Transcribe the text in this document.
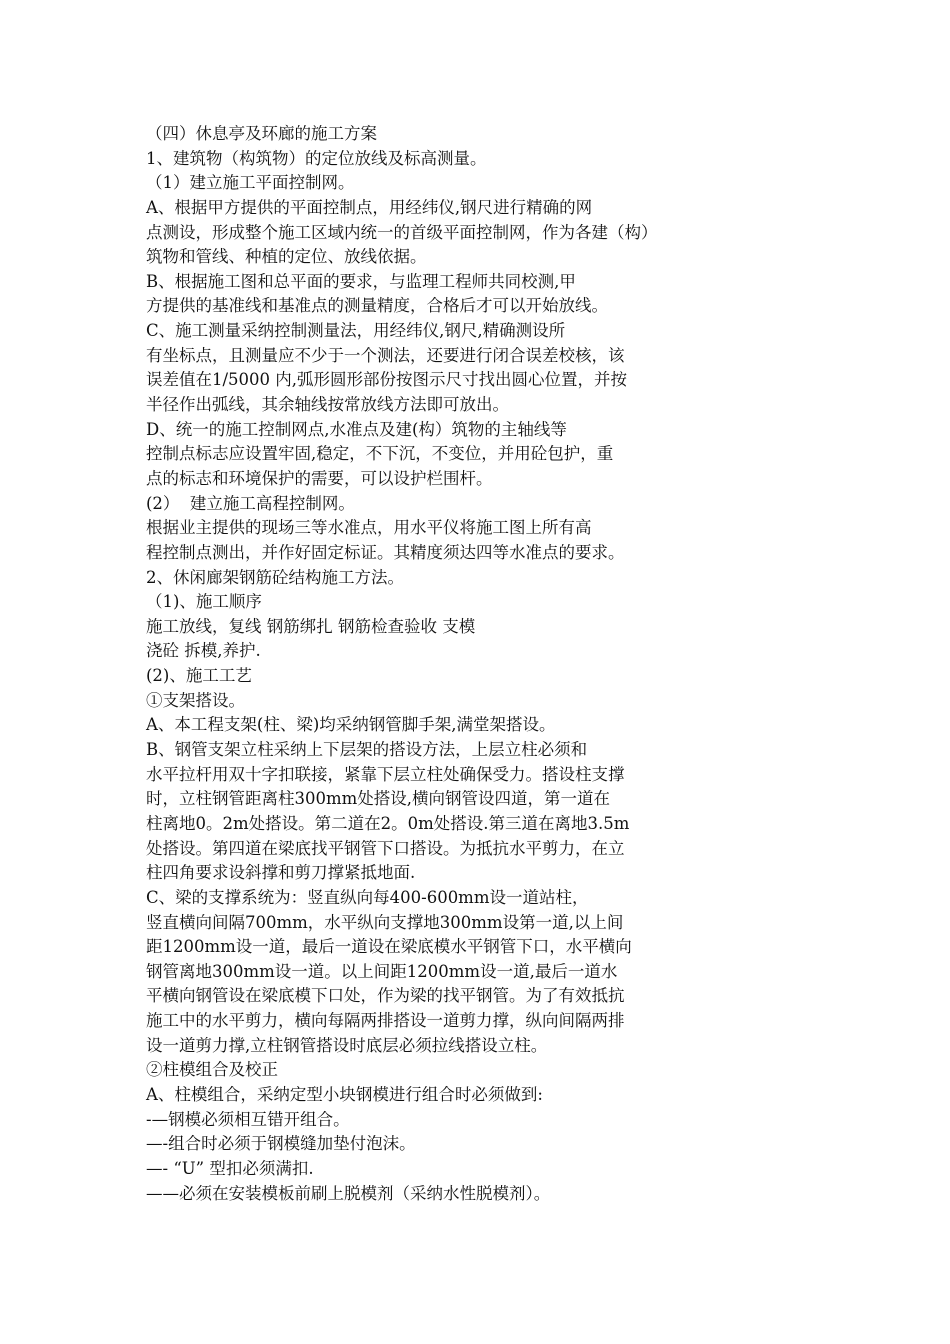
（四）休息亭及环廊的施工方案
1、建筑物（构筑物）的定位放线及标高测量。
（1）建立施工平面控制网。
A、根据甲方提供的平面控制点，用经纬仪,钢尺进行精确的网
点测设，形成整个施工区域内统一的首级平面控制网，作为各建（构）
筑物和管线、种植的定位、放线依据。
B、根据施工图和总平面的要求，与监理工程师共同校测,甲
方提供的基准线和基准点的测量精度，合格后才可以开始放线。
C、施工测量采纳控制测量法，用经纬仪,钢尺,精确测设所
有坐标点，且测量应不少于一个测法，还要进行闭合误差校核，该
误差值在1/5000 内,弧形圆形部份按图示尺寸找出圆心位置，并按
半径作出弧线，其余轴线按常放线方法即可放出。
D、统一的施工控制网点,水准点及建(构）筑物的主轴线等
控制点标志应设置牢固,稳定，不下沉，不变位，并用砼包护，重
点的标志和环境保护的需要，可以设护栏围杆。
(2）  建立施工高程控制网。
根据业主提供的现场三等水准点，用水平仪将施工图上所有高
程控制点测出，并作好固定标证。其精度须达四等水准点的要求。
2、休闲廊架钢筋砼结构施工方法。
（1)、施工顺序
施工放线，复线 钢筋绑扎 钢筋检查验收 支模
浇砼 拆模,养护.
(2)、施工工艺
①支架搭设。
A、本工程支架(柱、梁)均采纳钢管脚手架,满堂架搭设。
B、钢管支架立柱采纳上下层架的搭设方法，上层立柱必须和
水平拉杆用双十字扣联接，紧靠下层立柱处确保受力。搭设柱支撑
时，立柱钢管距离柱300mm处搭设,横向钢管设四道，第一道在
柱离地0。2m处搭设。第二道在2。0m处搭设.第三道在离地3.5m
处搭设。第四道在梁底找平钢管下口搭设。为抵抗水平剪力，在立
柱四角要求设斜撑和剪刀撑紧抵地面.
C、梁的支撑系统为：竖直纵向每400-600mm设一道站柱，
竖直横向间隔700mm，水平纵向支撑地300mm设第一道,以上间
距1200mm设一道，最后一道设在梁底模水平钢管下口，水平横向
钢管离地300mm设一道。以上间距1200mm设一道,最后一道水
平横向钢管设在梁底模下口处，作为梁的找平钢管。为了有效抵抗
施工中的水平剪力，横向每隔两排搭设一道剪力撑，纵向间隔两排
设一道剪力撑,立柱钢管搭设时底层必须拉线搭设立柱。
②柱模组合及校正
A、柱模组合，采纳定型小块钢模进行组合时必须做到:
-—钢模必须相互错开组合。
—-组合时必须于钢模缝加垫付泡沫。
—- “U” 型扣必须满扣.
——必须在安装模板前刷上脱模剂（采纳水性脱模剂）。
